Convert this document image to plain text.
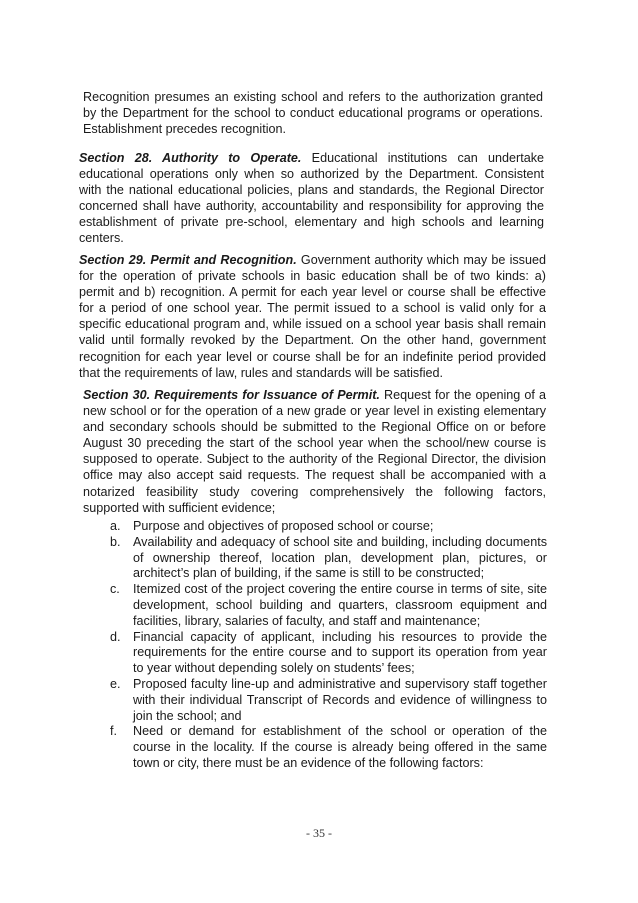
Recognition presumes an existing school and refers to the authorization granted by the Department for the school to conduct educational programs or operations. Establishment precedes recognition.

Section 28. Authority to Operate. Educational institutions can undertake educational operations only when so authorized by the Department. Consistent with the national educational policies, plans and standards, the Regional Director concerned shall have authority, accountability and responsibility for approving the establishment of private pre-school, elementary and high schools and learning centers.

Section 29. Permit and Recognition. Government authority which may be issued for the operation of private schools in basic education shall be of two kinds: a) permit and b) recognition. A permit for each year level or course shall be effective for a period of one school year. The permit issued to a school is valid only for a specific educational program and, while issued on a school year basis shall remain valid until formally revoked by the Department. On the other hand, government recognition for each year level or course shall be for an indefinite period provided that the requirements of law, rules and standards will be satisfied.

Section 30. Requirements for Issuance of Permit. Request for the opening of a new school or for the operation of a new grade or year level in existing elementary and secondary schools should be submitted to the Regional Office on or before August 30 preceding the start of the school year when the school/new course is supposed to operate. Subject to the authority of the Regional Director, the division office may also accept said requests. The request shall be accompanied with a notarized feasibility study covering comprehensively the following factors, supported with sufficient evidence;

a. Purpose and objectives of proposed school or course;
b. Availability and adequacy of school site and building, including documents of ownership thereof, location plan, development plan, pictures, or architect’s plan of building, if the same is still to be constructed;
c. Itemized cost of the project covering the entire course in terms of site, site development, school building and quarters, classroom equipment and facilities, library, salaries of faculty, and staff and maintenance;
d. Financial capacity of applicant, including his resources to provide the requirements for the entire course and to support its operation from year to year without depending solely on students’ fees;
e. Proposed faculty line-up and administrative and supervisory staff together with their individual Transcript of Records and evidence of willingness to join the school; and
f. Need or demand for establishment of the school or operation of the course in the locality. If the course is already being offered in the same town or city, there must be an evidence of the following factors:
- 35 -
